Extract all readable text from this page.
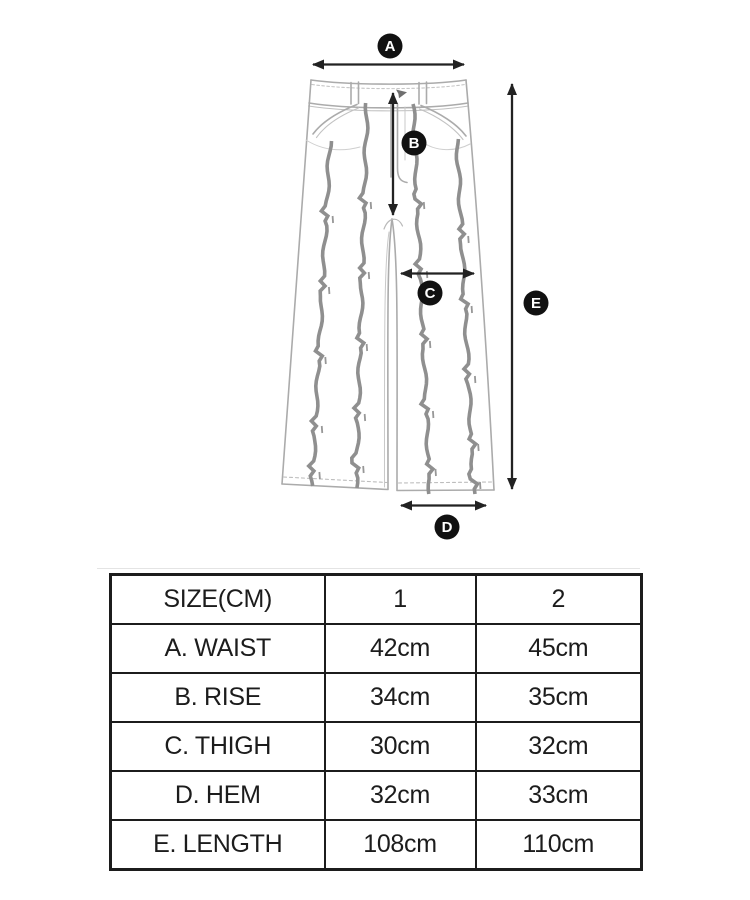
A
B
C
D
E
SIZE(CM)	1	2
A. WAIST	42cm	45cm
B. RISE	34cm	35cm
C. THIGH	30cm	32cm
D. HEM	32cm	33cm
E. LENGTH	108cm	110cm
